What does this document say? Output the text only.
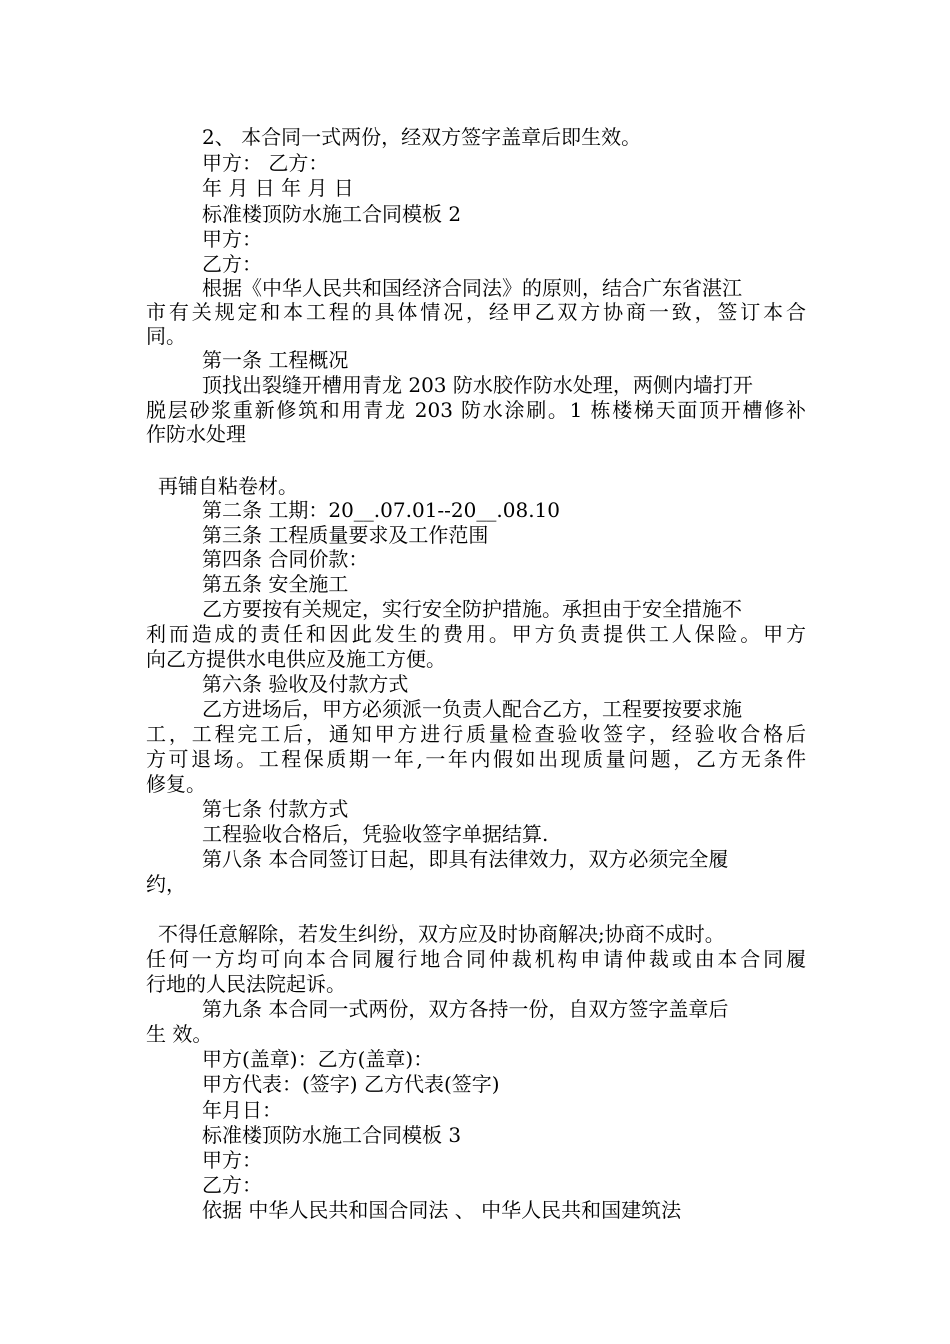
2、 本合同一式两份，经双方签字盖章后即生效。
甲方： 乙方：
年 月 日 年 月 日
标准楼顶防水施工合同模板 2
甲方：
乙方：
根据《中华人民共和国经济合同法》的原则，结合广东省湛江
市有关规定和本工程的具体情况，经甲乙双方协商一致，签订本合
同。
第一条 工程概况
顶找出裂缝开槽用青龙 203 防水胶作防水处理，两侧内墙打开
脱层砂浆重新修筑和用青龙 203 防水涂刷。1 栋楼梯天面顶开槽修补
作防水处理
再铺自粘卷材。
第二条 工期：20__.07.01--20__.08.10
第三条 工程质量要求及工作范围
第四条 合同价款：
第五条 安全施工
乙方要按有关规定，实行安全防护措施。承担由于安全措施不
利而造成的责任和因此发生的费用。甲方负责提供工人保险。甲方
向乙方提供水电供应及施工方便。
第六条 验收及付款方式
乙方进场后，甲方必须派一负责人配合乙方，工程要按要求施
工，工程完工后，通知甲方进行质量检查验收签字，经验收合格后
方可退场。工程保质期一年,一年内假如出现质量问题，乙方无条件
修复。
第七条 付款方式
工程验收合格后，凭验收签字单据结算.
第八条 本合同签订日起，即具有法律效力，双方必须完全履
约，
不得任意解除，若发生纠纷，双方应及时协商解决;协商不成时。
任何一方均可向本合同履行地合同仲裁机构申请仲裁或由本合同履
行地的人民法院起诉。
第九条 本合同一式两份，双方各持一份，自双方签字盖章后
生 效。
甲方(盖章)：乙方(盖章)：
甲方代表：(签字) 乙方代表(签字)
年月日：
标准楼顶防水施工合同模板 3
甲方：
乙方：
依据 中华人民共和国合同法 、 中华人民共和国建筑法
